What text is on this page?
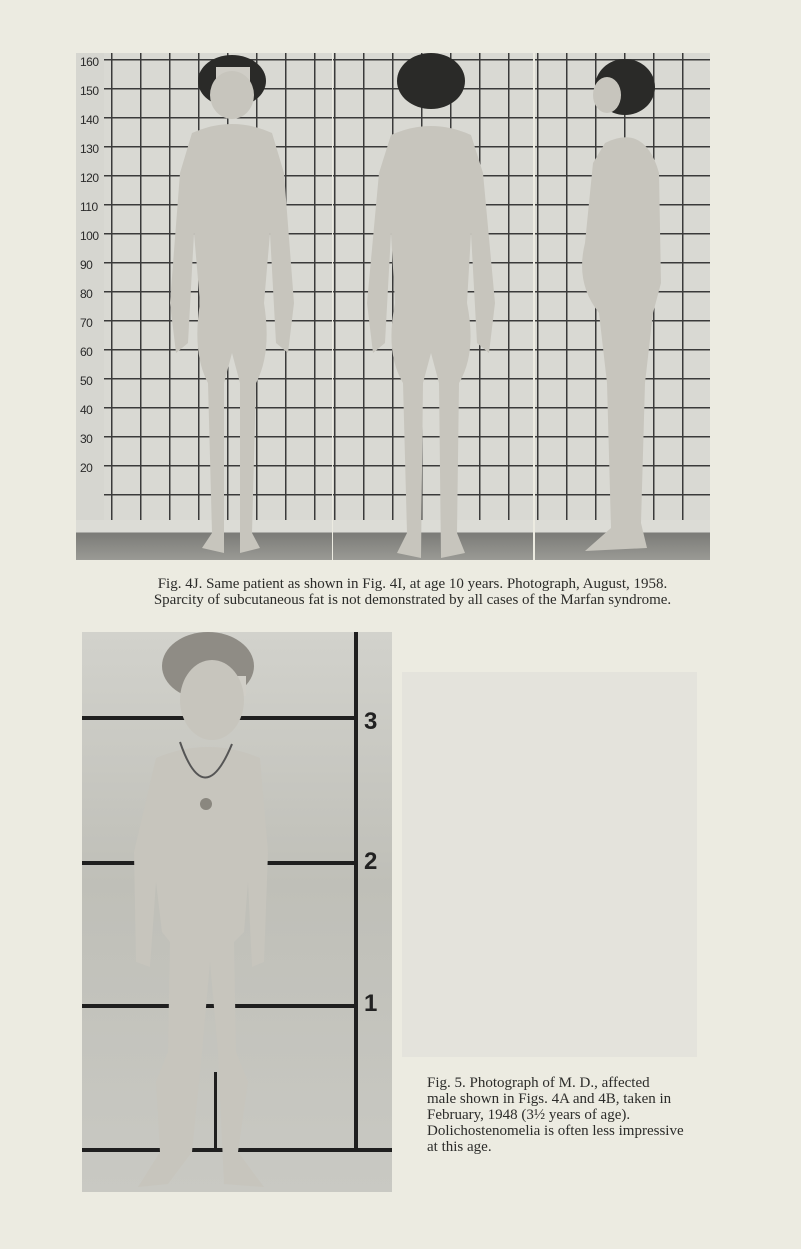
160
150
140
130
120
110
100
90
80
70
60
50
40
30
20
Fig. 4J. Same patient as shown in Fig. 4I, at age 10 years. Photograph, August, 1958.
Sparcity of subcutaneous fat is not demonstrated by all cases of the Marfan syndrome.
3
2
1
Fig. 5. Photograph of M. D., affected
male shown in Figs. 4A and 4B, taken in
February, 1948 (3½ years of age).
Dolichostenomelia is often less impressive
at this age.
